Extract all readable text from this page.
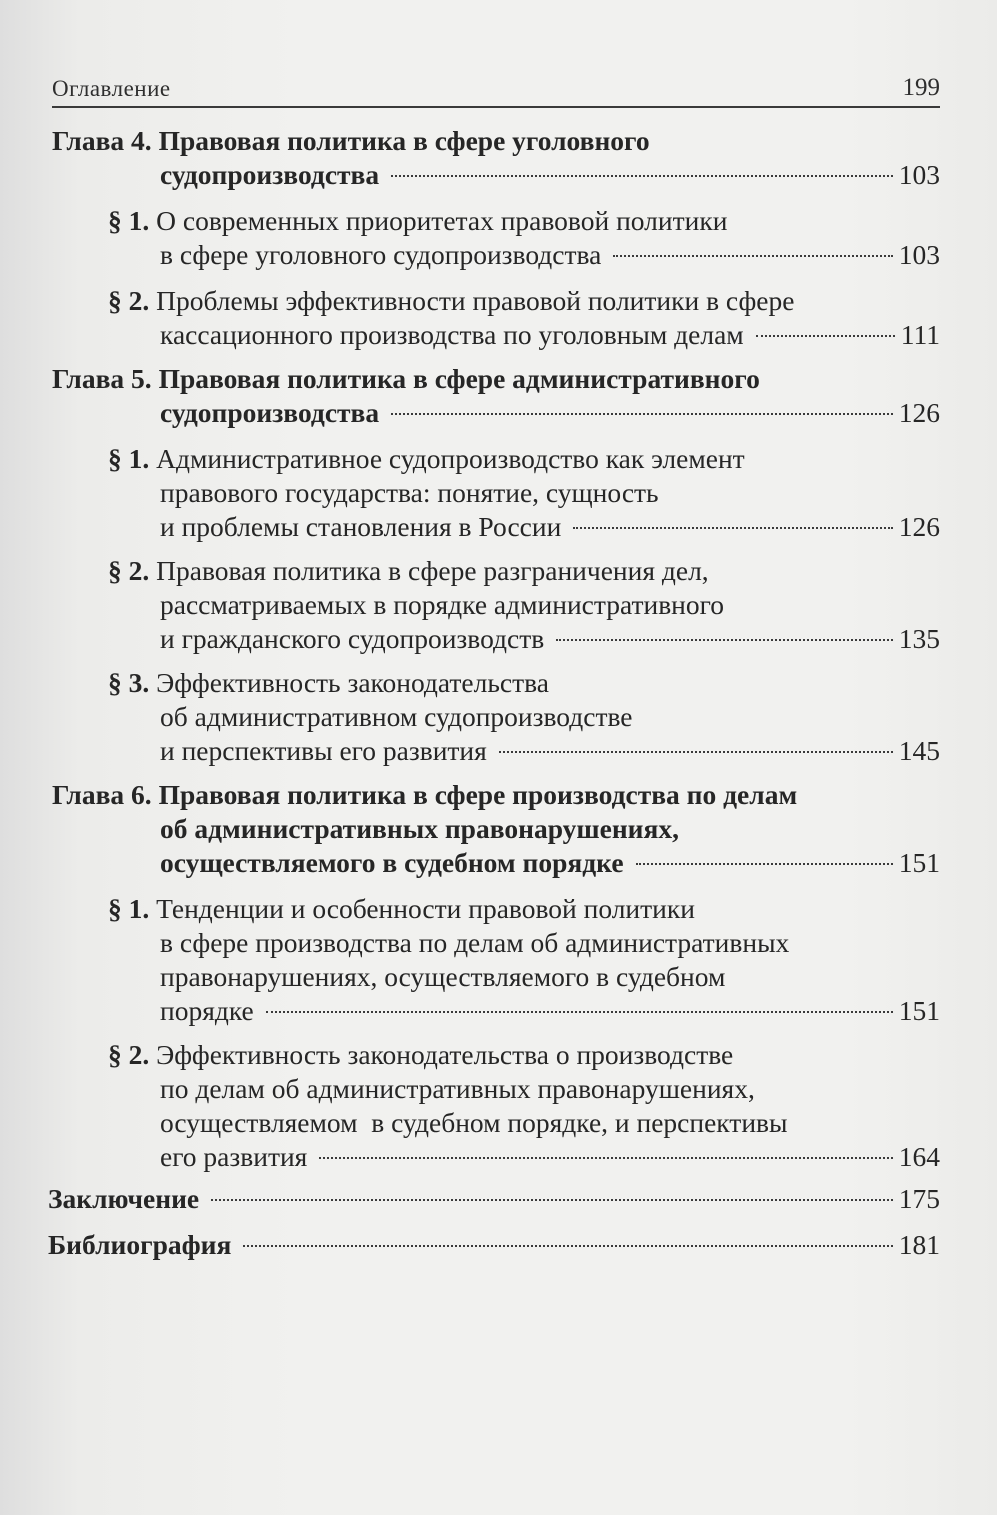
Оглавление	199
Глава 4. Правовая политика в сфере уголовного
судопроизводства	103
§ 1. О современных приоритетах правовой политики
в сфере уголовного судопроизводства	103
§ 2. Проблемы эффективности правовой политики в сфере
кассационного производства по уголовным делам	111
Глава 5. Правовая политика в сфере административного
судопроизводства	126
§ 1. Административное судопроизводство как элемент
правового государства: понятие, сущность
и проблемы становления в России	126
§ 2. Правовая политика в сфере разграничения дел,
рассматриваемых в порядке административного
и гражданского судопроизводств	135
§ 3. Эффективность законодательства
об административном судопроизводстве
и перспективы его развития	145
Глава 6. Правовая политика в сфере производства по делам
об административных правонарушениях,
осуществляемого в судебном порядке	151
§ 1. Тенденции и особенности правовой политики
в сфере производства по делам об административных
правонарушениях, осуществляемого в судебном
порядке	151
§ 2. Эффективность законодательства о производстве
по делам об административных правонарушениях,
осуществляемом  в судебном порядке, и перспективы
его развития	164
Заключение	175
Библиография	181
